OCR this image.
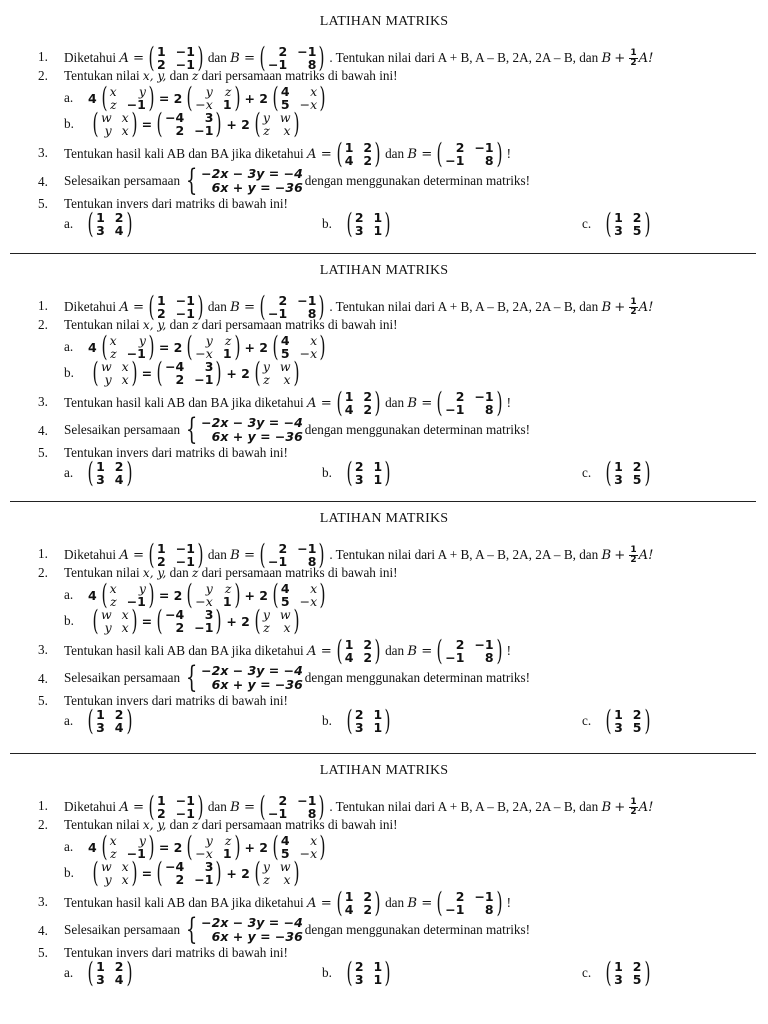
LATIHAN MATRIKS
1. Diketahui
A = ( 1 −1
2 −1 ) dan
B = (	2 −1
−1	8 ) . Tentukan nilai dari A + B, A – B, 2A, 2A – B, dan
$B + \frac{1}{2} A$!
2. Tentukan nilai
x, y,
dan
z
dari persamaan matriks di bawah ini!
a.	4 ( x	y
z −1 ) = 2 (	y z
−x 1 ) + 2 ( 4	x
5 −x )
b. ( w x
y x ) = ( −4	3
2 −1 ) + 2 ( y w
z x )
3. Tentukan hasil kali AB dan BA jika diketahui
A = ( 1 2
4 2 ) dan
B = (	2 −1
−1	8 ) !
4. Selesaikan persamaan { −2x − 3y = −4
6x + y = −36 dengan menggunakan determinan matriks!
5. Tentukan invers dari matriks di bawah ini!
a. ( 1 2
3 4 )	b. ( 2 1
3 1 )	c. ( 1 2
3 5 )
LATIHAN MATRIKS
1. Diketahui
A = ( 1 −1
2 −1 ) dan
B = (	2 −1
−1	8 ) . Tentukan nilai dari A + B, A – B, 2A, 2A – B, dan
$B + \frac{1}{2} A$!
2. Tentukan nilai
x, y,
dan
z
dari persamaan matriks di bawah ini!
a.	4 ( x	y
z −1 ) = 2 (	y z
−x 1 ) + 2 ( 4	x
5 −x )
b. ( w x
y x ) = ( −4	3
2 −1 ) + 2 ( y w
z x )
3. Tentukan hasil kali AB dan BA jika diketahui
A = ( 1 2
4 2 ) dan
B = (	2 −1
−1	8 ) !
4. Selesaikan persamaan { −2x − 3y = −4
6x + y = −36 dengan menggunakan determinan matriks!
5. Tentukan invers dari matriks di bawah ini!
a. ( 1 2
3 4 )	b. ( 2 1
3 1 )	c. ( 1 2
3 5 )
LATIHAN MATRIKS
1. Diketahui
A = ( 1 −1
2 −1 ) dan
B = (	2 −1
−1	8 ) . Tentukan nilai dari A + B, A – B, 2A, 2A – B, dan
$B + \frac{1}{2} A$!
2. Tentukan nilai
x, y,
dan
z
dari persamaan matriks di bawah ini!
a.	4 ( x	y
z −1 ) = 2 (	y z
−x 1 ) + 2 ( 4	x
5 −x )
b. ( w x
y x ) = ( −4	3
2 −1 ) + 2 ( y w
z x )
3. Tentukan hasil kali AB dan BA jika diketahui
A = ( 1 2
4 2 ) dan
B = (	2 −1
−1	8 ) !
4. Selesaikan persamaan { −2x − 3y = −4
6x + y = −36 dengan menggunakan determinan matriks!
5. Tentukan invers dari matriks di bawah ini!
a. ( 1 2
3 4 )	b. ( 2 1
3 1 )	c. ( 1 2
3 5 )
LATIHAN MATRIKS
1. Diketahui
A = ( 1 −1
2 −1 ) dan
B = (	2 −1
−1	8 ) . Tentukan nilai dari A + B, A – B, 2A, 2A – B, dan
$B + \frac{1}{2} A$!
2. Tentukan nilai
x, y,
dan
z
dari persamaan matriks di bawah ini!
a.	4 ( x	y
z −1 ) = 2 (	y z
−x 1 ) + 2 ( 4	x
5 −x )
b. ( w x
y x ) = ( −4	3
2 −1 ) + 2 ( y w
z x )
3. Tentukan hasil kali AB dan BA jika diketahui
A = ( 1 2
4 2 ) dan
B = (	2 −1
−1	8 ) !
4. Selesaikan persamaan { −2x − 3y = −4
6x + y = −36 dengan menggunakan determinan matriks!
5. Tentukan invers dari matriks di bawah ini!
a. ( 1 2
3 4 )	b. ( 2 1
3 1 )	c. ( 1 2
3 5 )
